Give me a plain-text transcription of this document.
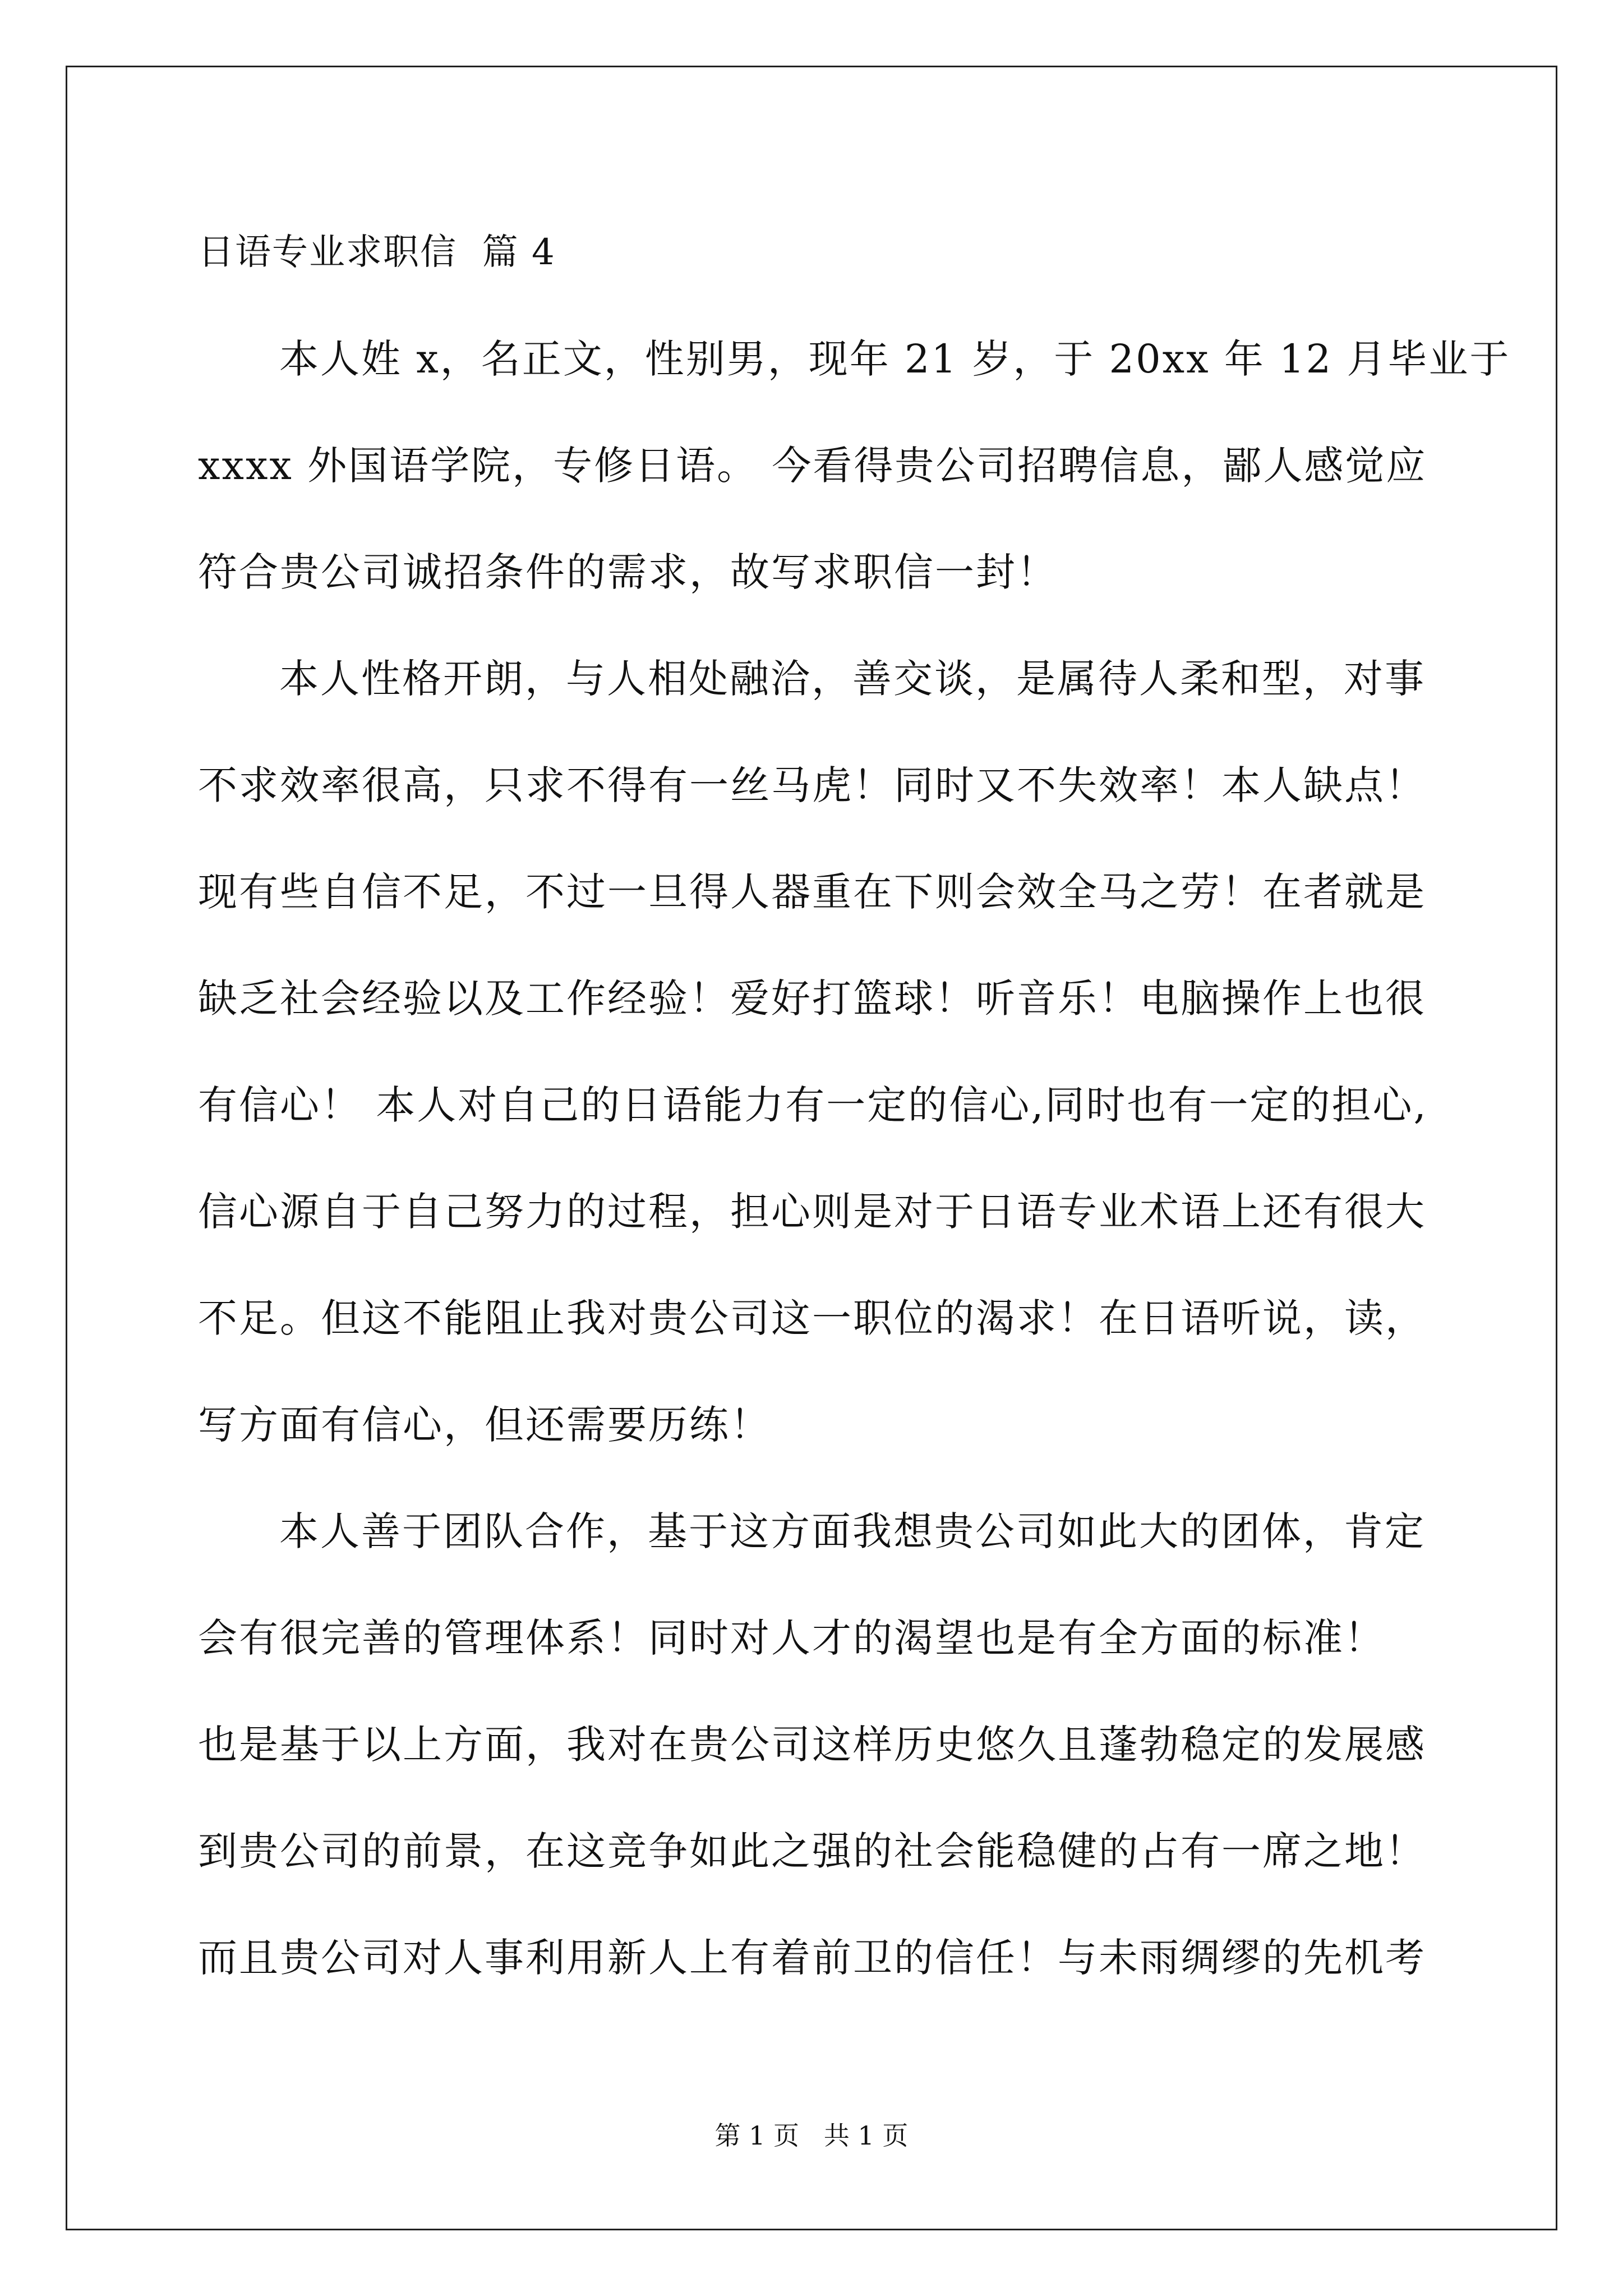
日语专业求职信  篇 4
本人姓 x，名正文，性别男，现年 21 岁，于 20xx 年 12 月毕业于
xxxx 外国语学院，专修日语。 今看得贵公司招聘信息，鄙人感觉应
符合贵公司诚招条件的需求，故写求职信一封！
本人性格开朗，与人相处融洽，善交谈，是属待人柔和型，对事
不求效率很高，只求不得有一丝马虎！同时又不失效率！本人缺点！
现有些自信不足，不过一旦得人器重在下则会效全马之劳！在者就是
缺乏社会经验以及工作经验！爱好打篮球！听音乐！电脑操作上也很
有信心！ 本人对自己的日语能力有一定的信心,同时也有一定的担心,
信心源自于自己努力的过程，担心则是对于日语专业术语上还有很大
不足。但这不能阻止我对贵公司这一职位的渴求！在日语听说，读，
写方面有信心，但还需要历练！
本人善于团队合作，基于这方面我想贵公司如此大的团体，肯定
会有很完善的管理体系！同时对人才的渴望也是有全方面的标准！
也是基于以上方面，我对在贵公司这样历史悠久且蓬勃稳定的发展感
到贵公司的前景，在这竞争如此之强的社会能稳健的占有一席之地！
而且贵公司对人事利用新人上有着前卫的信任！与未雨绸缪的先机考
第 1 页   共 1 页
